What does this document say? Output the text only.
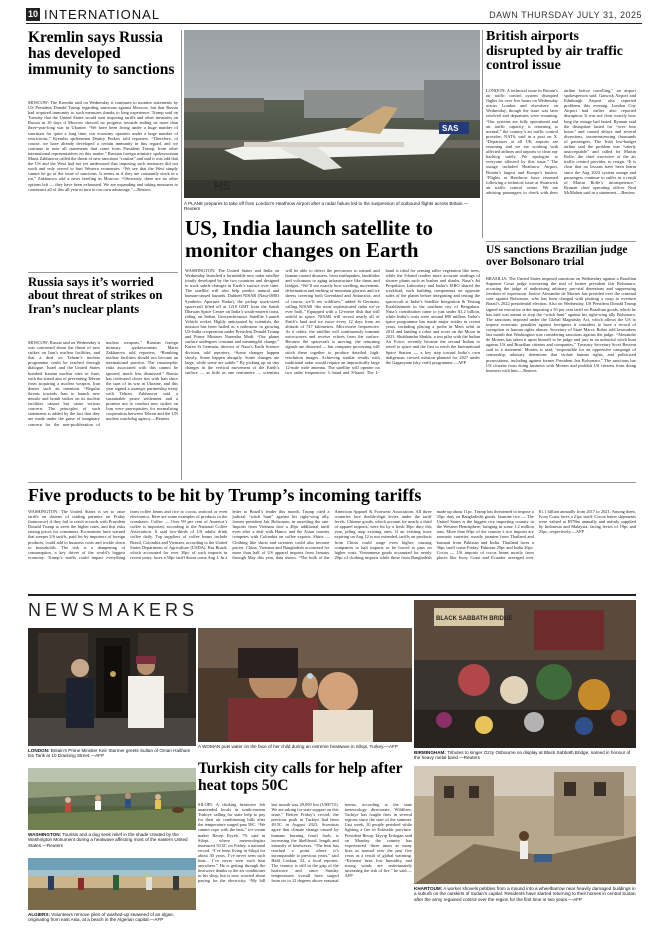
10 INTERNATIONAL	DAWN THURSDAY JULY 31, 2025
Kremlin says Russia has developed immunity to sanctions
MOSCOW: The Kremlin said on Wednesday it continues to monitor statements by US President Donald Trump regarding sanctions against Moscow, but that Russia had acquired immunity to such measures thanks to long experience. Trump said on Tuesday that the United States would start imposing tariffs and other measures on Russia in 10 days if Moscow showed no progress towards ending its more than three-year-long war in Ukraine. “We have been living under a huge number of sanctions for quite a long time, our economy operates under a huge number of restrictions,” Kremlin spokesman Dmitry Peskov told reporters. “Therefore, of course, we have already developed a certain immunity in this regard, and we continue to note all statements that come from President Trump, from other international representatives on this matter.” Russian foreign ministry spokeswoman Maria Zakharova called the threat of new sanctions “routine” and said it was odd that the US and the West had not yet understood that imposing such measures did not work and only served to hurt Western economies. “We see that the West simply cannot let go of the issue of sanctions. It seems as if they are constantly stuck in a rut,” Zakharova told a news briefing in Moscow. “Obviously, there are no other options left — they have been exhausted. We are expanding and taking measures to counteract all of this all year in turn to our own advantage.”—Reuters
Russia says it’s worried about threat of strikes on Iran’s nuclear plants
MOSCOW: Russia said on Wednesday it was concerned about the threat of new strikes on Iran’s nuclear facilities, and that a deal on Tehran’s nuclear programme could be reached through dialogue. Israel and the United States bombed Iranian nuclear sites in June, with the stated aim of preventing Tehran from acquiring a nuclear weapon. Iran denies such an intention. “Regular threats towards Iran to launch new missile and bomb strikes on its nuclear facilities cannot but cause serious concern. The principles of such statements is added by the fact that they are made under the guise of imaginary concern for the non-proliferation of nuclear weapons,” Russian foreign ministry spokeswoman Maria Zakharova told reporters. “Bombing nuclear facilities should not become an international practice. The catastrophic risks associated with this cannot be ignored, much less dismissed.” Russia has cultivated closer ties with Iran since the start of its war in Ukraine, and this year signed a strategic partnership treaty with Tehran. Zakharova said a sustainable peace settlement and a promise not to conduct new strikes on Iran were prerequisites for normalising cooperation between Tehran and the UN nuclear watchdog agency.—Reuters
SAS
A PLANE prepares to take off from London’s Heathrow Airport after a radar failure led to the suspension of outbound flights across Britain.—Reuters
US, India launch satellite to monitor changes on Earth
WASHINGTON: The United States and India on Wednesday launched a formidable new radar satellite jointly developed by the two countries and designed to track subtle changes in Earth’s surface over time. The satellite will also help predict natural and human-caused hazards. Dubbed NISAR (Nasa-ISRO Synthetic Aperture Radar), the pickup truck-sized spacecraft lifted off at 1210 GMT from the Satish Dhawan Space Centre on India’s south-eastern coast, riding an Indian Geosynchronous Satellite Launch Vehicle rocket. Highly anticipated by scientists, the mission has been hailed as a milestone in growing US-India cooperation under President Donald Trump and Prime Minister Narendra Modi. “Our planet surface undergoes constant and meaningful change,” Karen St Germain, director of Nasa’s Earth Science division, told reporters. “Some changes happen slowly. Some happen abruptly. Some changes are large, while some are subtle.” By picking up on tiny changes in the vertical movement of the Earth’s surface — as little as one centimetre — scientists will be able to detect the precursors to natural and human-caused disasters, from earthquakes, landslides and volcanoes to aging infrastructure like dams and bridges. “We’ll see exactly how swelling, movement, deformation and melting of mountain glaciers and ice sheets covering both Greenland and Antarctica, and of course, we’ll see wildfires,” added St Germain, calling NISAR “the most sophisticated radar we’ve ever built.” Equipped with a 12-metre dish that will unfold in space, NISAR will record nearly all of Earth’s land and ice twice every 12 days from an altitude of 747 kilometres. Microwave frequencies: As it orbits, the satellite will continuously transmit microwaves and receive echoes from the surface. Because the spacecraft is moving, the returning signals are distorted — but computer processing will stitch these together to produce detailed, high-resolution images. Achieving similar results with traditional radar would require an impractically large 12-mile wide antenna. The satellite will operate on two radar frequencies: L-band and S-band. The L-band is ideal for sensing taller vegetation like trees, while the S-band readies more accurate readings of shorter plants such as bushes and shrubs. Nasa’s Jet Propulsion Laboratory and India’s ISRO shared the workload, each building components on opposite sides of the planet before integrating and testing the spacecraft at India’s Satellite Integration & Testing Establishment in the southern city of Bengaluru. Nasa’s contribution came to just under $1.2 billion, while India’s costs were around $90 million. India’s space programme has made major strides in recent years, including placing a probe in Mars orbit in 2014 and landing a robot and rover on the Moon in 2023. Shubhanshu Shukla, a test pilot with the Indian Air Force, recently became the second Indian to travel to space and the first to reach the International Space Station — a key step toward India’s own indigenous crewed mission planned for 2027 under the Gaganyaan (sky craft) programme.—AFP
British airports disrupted by air traffic control issue
LONDON: A technical issue in Britain’s air traffic control system disrupted flights for over five hours on Wednesday across London and elsewhere on Wednesday, though the issue was later resolved and departures were resuming. “Our systems are fully operational and air traffic capacity is returning to normal,” the country’s air traffic control provider, NATS, said in a post on X. “Departures at all UK airports are resuming and we are working with affected airlines and airports to clear any backlog safely. We apologise to everyone affected by this issue.” The outage included Heathrow Airport, Britain’s largest and Europe’s busiest. “Flights at Heathrow have resumed following a technical issue at Swanwick air traffic control centre. We are advising passengers to check with their airline before travelling,” an airport spokesperson said. Gatwick Airport and Edinburgh Airport also reported problems this evening. London City Airport had earlier also reported disruption. It was not clear exactly how long the outage had lasted. Ryanair said the disruption lasted for “over four hours” and caused delays and several diversions, inconveniencing thousands of passengers. The Irish low-budget airline said the problem was “utterly unacceptable” and called for Martin Rolfe, the chief executive of the air traffic control provider, to resign. “It is clear that no lessons have been learnt since the Aug 2023 system outage and passengers continue to suffer as a result of Martin Rolfe’s incompetence,” Ryanair chief operating officer Neal McMahon said in a statement.—Reuters
US sanctions Brazilian judge over Bolsonaro trial
BRASILIA: The United States imposed sanctions on Wednesday against a Brazilian Supreme Court judge overseeing the trial of former president Jair Bolsonaro, accusing the judge of authorising arbitrary pre-trial detentions and suppressing freedom of expression. Justice Alexandre de Moraes has presided over the criminal case against Bolsonaro, who has been charged with plotting a coup to overturn Brazil’s 2022 presidential election. Also on Wednesday, US President Donald Trump signed an executive order imposing a 50 per cent tariff on Brazilian goods, which he has said was meant to stop the “witch hunt” against his right-wing ally Bolsonaro. The sanctions imposed under the Global Magnitsky Act, which allows the US to impose economic penalties against foreigners it considers to have a record of corruption or human rights abuses. Secretary of State Marco Rubio told lawmakers last month that Washington was considering sanctions against the judge. “Alexandre de Moraes has taken it upon himself to be judge and jury in an unlawful witch hunt against US and Brazilian citizens and companies,” Treasury Secretary Scott Bessent said in a statement. Moraes is said, “responsible for an oppressive campaign of censorship, arbitrary detentions that violate human rights, and politicised prosecutions, including against former President Jair Bolsonaro.” The sanctions bar US citizens from doing business with Moraes and prohibit US citizens from doing business with him.—Reuters
Five products to be hit by Trump’s incoming tariffs
WASHINGTON: The United States is set to raise tariffs on dozens of trading partners on Friday (tomorrow) if they fail to reach accords with President Donald Trump to avert the higher rates, and this risks raising prices for consumers. Economists have warned that steeper US tariffs, paid for by importers of foreign products, could add to business costs and trickle down to households. The risk is a dampening of consumption, a key driver of the world’s biggest economy. Trump’s tariffs could impact everything from coffee beans and rice to cocoa, seafood or even electronics. Here are some examples of products in the crosshairs: Coffee — Over 99 per cent of America’s coffee is imported, according to the National Coffee Association. It said two-thirds of US adults drink coffee daily. Top suppliers of coffee beans include Brazil, Colombia and Vietnam, according to the United States Department of Agriculture (USDA). But Brazil, which accounted for over 30pc of such imports in recent years, faces a 50pc tariff threat come Aug 1. In a letter to Brazil’s leader this month, Trump cited a judicial “witch hunt” against his right-wing ally, former president Jair Bolsonaro, in unveiling the rate. Imports from Vietnam face a 20pc additional tariff even after a deal with Hanoi, and the Asian country competes with Colombia on coffee exports. Shirts — Clothing like shirts and sweaters could also become pricier. China, Vietnam and Bangladesh accounted for more than half of US apparel imports from January through May this year, data shows. “The bulk of the American Apparel & Footwear Association. All three countries face double-digit levies under the tariff levels. Chinese goods, which account for nearly a third of apparel imports, were hit by a fresh 30pc duty this year, piling atop existing ones. If an existing truce expiring on Aug 12 is not extended, tariffs on products from China could surge even higher, causing companies to halt imports or be forced to pass on higher costs. Vietnamese goods accounted for nearly 20pc of clothing imports while those from Bangladesh made up about 11pc. Trump has threatened to impose a 35pc duty on Bangladeshi goods. Jasmine rice — The United States is the biggest rice importing country in the Western Hemisphere, bringing in some 1.2 million tons. More than 60pc of the country’s rice imports are aromatic varieties, mostly jasmine from Thailand and basmati from Pakistan and India. Thailand faces a 36pc tariff come Friday, Pakistan 29pc and India 26pc. Cocoa — US imports of cocoa beans mostly from places like Ivory Coast and Ecuador averaged over $1.1 billion annually from 2017 to 2021. Among them, Ivory Coast faces a 21pc tariff. Cocoa butter shipments were valued at $578m annually and mainly supplied by Indonesia and Malaysia, facing levies of 19pc and 25pc, respectively.—AFP
NEWSMAKERS
LONDON: Britain’s Prime Minister Keir Starmer greets Sultan of Oman Haitham bin Tarik at 10 Downing Street.—AFP
WASHINGTON: Tourists and a dog seek relief in the shade created by the Washington Monument during a heatwave affecting most of the eastern United States.—Reuters
ALGIERS: Volunteers remove piles of washed-up seaweed of an algae, originating from east Asia, at a beach in the Algerian capital.—AFP
A WOMAN puts water on the face of her child during an extreme heatwave in Silopi, Turkey.—AFP
Turkish city calls for help after heat tops 50C
SILOPI: A choking heatwave left unattended locals in south-eastern Turkiye calling for state help to pay for their air conditioning bills after the temperature surged past 50C. “We cannot cope with the heat,” ice-cream maker Recep Ezyeb, 79, said in Silopi, where meteorologists measured 50.5C on Friday, a national record. “I’ve been living in Silopi for about 30 years. I’ve never seen such heat... I’ve never seen such heat anywhere.” He is getting through the heatwave thanks to the air conditioner in his shop, but is now worried about paying for the electricity. “My bill last month was 29,000 lira (US$715). We are asking for state support on this issue.” Before Friday’s record, the previous peak in Turkiye had been 49.5C in August 2023. Scientists agree that climate change caused by humans burning fossil fuels is increasing the likelihood, length and intensity of heatwaves. “The heat has reached a point where it’s incomparable to previous years,” said Halil Coskun, 52, a local reporter. The country is still in the grip of the heatwave and since Sunday temperatures overall have surged from six to 12 degrees above seasonal norms, according to the state meteorology directorate. Wildfires: Turkiye has fought fires in several regions since the start of the summer. Last week, 10 people perished while fighting a fire in Eskisehir province. President Recep Tayyip Erdogan said on Monday the country has experienced ‘three times as many fires as normal over the past five years as a result of global warming. “Extreme heat, low humidity, and strong winds are unfortunately increasing the risk of fire,” he said.—AFP
BLACK SABBATH BRIDGE
BIRMINGHAM: Tributes to singer Ozzy Osbourne on display at Black Sabbath Bridge, named in honour of the heavy metal band.—Reuters
KHARTOUM: A worker shovels pebbles from a mound into a wheelbarrow near heavily damaged buildings in a suburb on the outskirts of Sudan’s capital. Residents have started returning to their homes in central Sudan after the army regained control over the region for the first time in two years.—AFP
